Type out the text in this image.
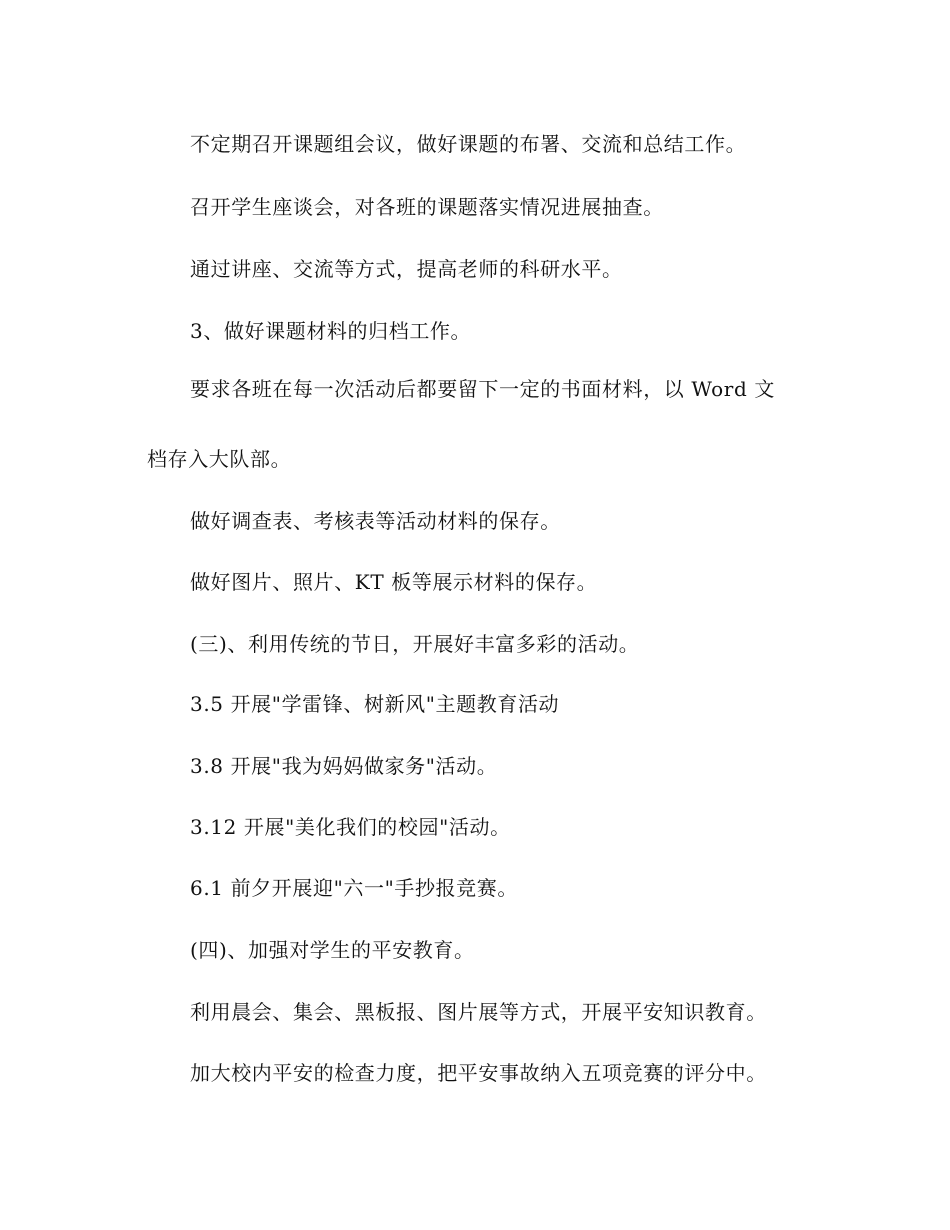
不定期召开课题组会议，做好课题的布署、交流和总结工作。
召开学生座谈会，对各班的课题落实情况进展抽查。
通过讲座、交流等方式，提高老师的科研水平。
3、做好课题材料的归档工作。
要求各班在每一次活动后都要留下一定的书面材料，以 Word 文
档存入大队部。
做好调查表、考核表等活动材料的保存。
做好图片、照片、KT 板等展示材料的保存。
(三)、利用传统的节日，开展好丰富多彩的活动。
3.5 开展"学雷锋、树新风"主题教育活动
3.8 开展"我为妈妈做家务"活动。
3.12 开展"美化我们的校园"活动。
6.1 前夕开展迎"六一"手抄报竞赛。
(四)、加强对学生的平安教育。
利用晨会、集会、黑板报、图片展等方式，开展平安知识教育。
加大校内平安的检查力度，把平安事故纳入五项竞赛的评分中。
